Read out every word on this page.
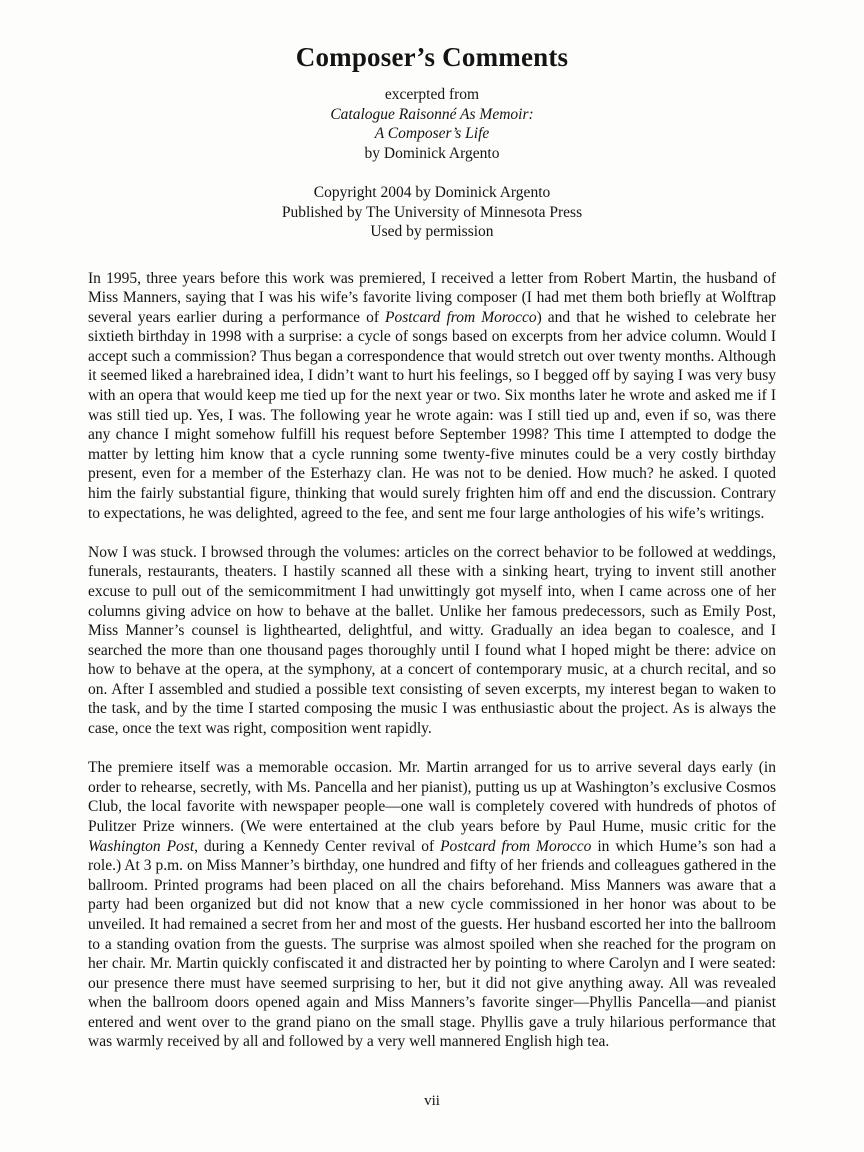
Composer’s Comments
excerpted from
Catalogue Raisonné As Memoir:
A Composer’s Life
by Dominick Argento
Copyright 2004 by Dominick Argento
Published by The University of Minnesota Press
Used by permission

In 1995, three years before this work was premiered, I received a letter from Robert Martin, the husband of Miss Manners, saying that I was his wife’s favorite living composer (I had met them both briefly at Wolftrap several years earlier during a performance of Postcard from Morocco) and that he wished to celebrate her sixtieth birthday in 1998 with a surprise: a cycle of songs based on excerpts from her advice column. Would I accept such a commission? Thus began a correspondence that would stretch out over twenty months. Although it seemed liked a harebrained idea, I didn’t want to hurt his feelings, so I begged off by saying I was very busy with an opera that would keep me tied up for the next year or two. Six months later he wrote and asked me if I was still tied up. Yes, I was. The following year he wrote again: was I still tied up and, even if so, was there any chance I might somehow fulfill his request before September 1998? This time I attempted to dodge the matter by letting him know that a cycle running some twenty-five minutes could be a very costly birthday present, even for a member of the Esterhazy clan. He was not to be denied. How much? he asked. I quoted him the fairly substantial figure, thinking that would surely frighten him off and end the discussion. Contrary to expectations, he was delighted, agreed to the fee, and sent me four large anthologies of his wife’s writings.

Now I was stuck. I browsed through the volumes: articles on the correct behavior to be followed at weddings, funerals, restaurants, theaters. I hastily scanned all these with a sinking heart, trying to invent still another excuse to pull out of the semicommitment I had unwittingly got myself into, when I came across one of her columns giving advice on how to behave at the ballet. Unlike her famous predecessors, such as Emily Post, Miss Manner’s counsel is lighthearted, delightful, and witty. Gradually an idea began to coalesce, and I searched the more than one thousand pages thoroughly until I found what I hoped might be there: advice on how to behave at the opera, at the symphony, at a concert of contemporary music, at a church recital, and so on. After I assembled and studied a possible text consisting of seven excerpts, my interest began to waken to the task, and by the time I started composing the music I was enthusiastic about the project. As is always the case, once the text was right, composition went rapidly.

The premiere itself was a memorable occasion. Mr. Martin arranged for us to arrive several days early (in order to rehearse, secretly, with Ms. Pancella and her pianist), putting us up at Washington’s exclusive Cosmos Club, the local favorite with newspaper people—one wall is completely covered with hundreds of photos of Pulitzer Prize winners. (We were entertained at the club years before by Paul Hume, music critic for the Washington Post, during a Kennedy Center revival of Postcard from Morocco in which Hume’s son had a role.) At 3 p.m. on Miss Manner’s birthday, one hundred and fifty of her friends and colleagues gathered in the ballroom. Printed programs had been placed on all the chairs beforehand. Miss Manners was aware that a party had been organized but did not know that a new cycle commissioned in her honor was about to be unveiled. It had remained a secret from her and most of the guests. Her husband escorted her into the ballroom to a standing ovation from the guests. The surprise was almost spoiled when she reached for the program on her chair. Mr. Martin quickly confiscated it and distracted her by pointing to where Carolyn and I were seated: our presence there must have seemed surprising to her, but it did not give anything away. All was revealed when the ballroom doors opened again and Miss Manners’s favorite singer—Phyllis Pancella—and pianist entered and went over to the grand piano on the small stage. Phyllis gave a truly hilarious performance that was warmly received by all and followed by a very well mannered English high tea.

vii
